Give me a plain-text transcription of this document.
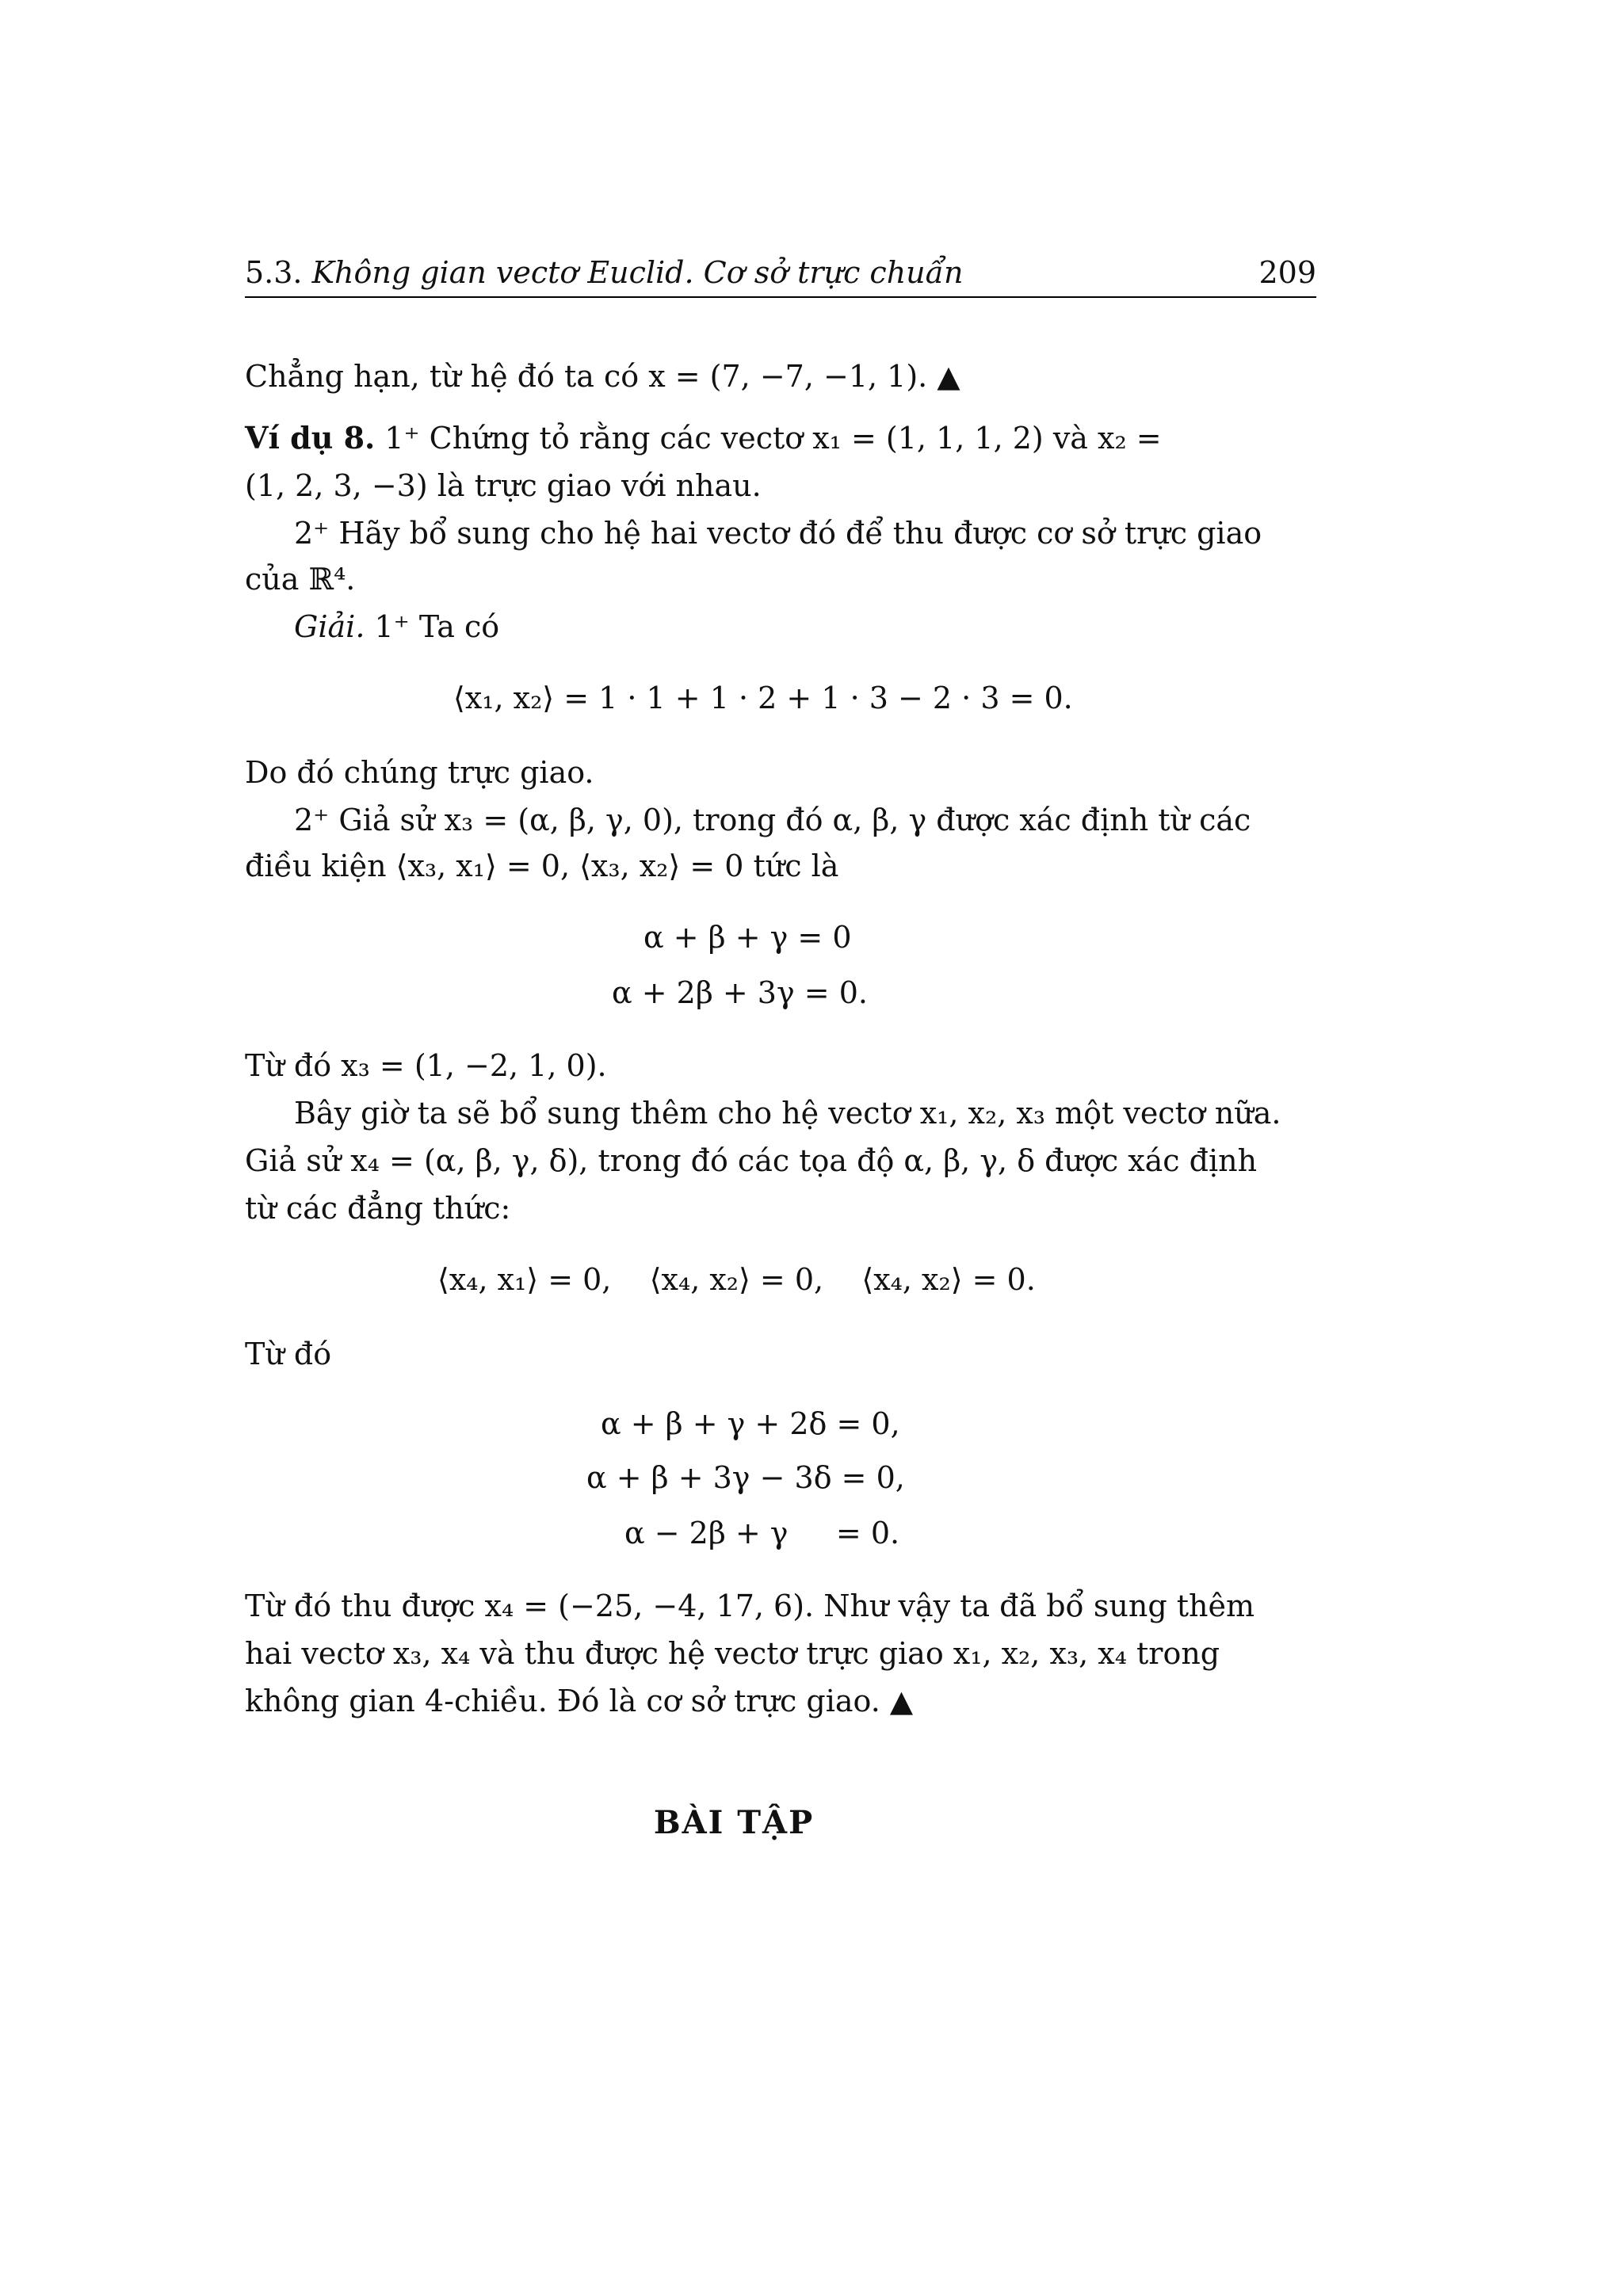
5.3. Không gian vectơ Euclid. Cơ sở trực chuẩn	209
Chẳng hạn, từ hệ đó ta có x = (7, −7, −1, 1). ▲
Ví dụ 8. 1⁺ Chứng tỏ rằng các vectơ x₁ = (1, 1, 1, 2) và x₂ =
(1, 2, 3, −3) là trực giao với nhau.
2⁺ Hãy bổ sung cho hệ hai vectơ đó để thu được cơ sở trực giao
của ℝ⁴.
Giải. 1⁺ Ta có
⟨x₁, x₂⟩ = 1 · 1 + 1 · 2 + 1 · 3 − 2 · 3 = 0.
Do đó chúng trực giao.
2⁺ Giả sử x₃ = (α, β, γ, 0), trong đó α, β, γ được xác định từ các
điều kiện ⟨x₃, x₁⟩ = 0, ⟨x₃, x₂⟩ = 0 tức là
α + β + γ = 0
α + 2β + 3γ = 0.
Từ đó x₃ = (1, −2, 1, 0).
Bây giờ ta sẽ bổ sung thêm cho hệ vectơ x₁, x₂, x₃ một vectơ nữa.
Giả sử x₄ = (α, β, γ, δ), trong đó các tọa độ α, β, γ, δ được xác định
từ các đẳng thức:
⟨x₄, x₁⟩ = 0,    ⟨x₄, x₂⟩ = 0,    ⟨x₄, x₂⟩ = 0.
Từ đó
α + β + γ + 2δ = 0,
α + β + 3γ − 3δ = 0,
α − 2β + γ     = 0.
Từ đó thu được x₄ = (−25, −4, 17, 6). Như vậy ta đã bổ sung thêm
hai vectơ x₃, x₄ và thu được hệ vectơ trực giao x₁, x₂, x₃, x₄ trong
không gian 4-chiều. Đó là cơ sở trực giao. ▲
BÀI TẬP
